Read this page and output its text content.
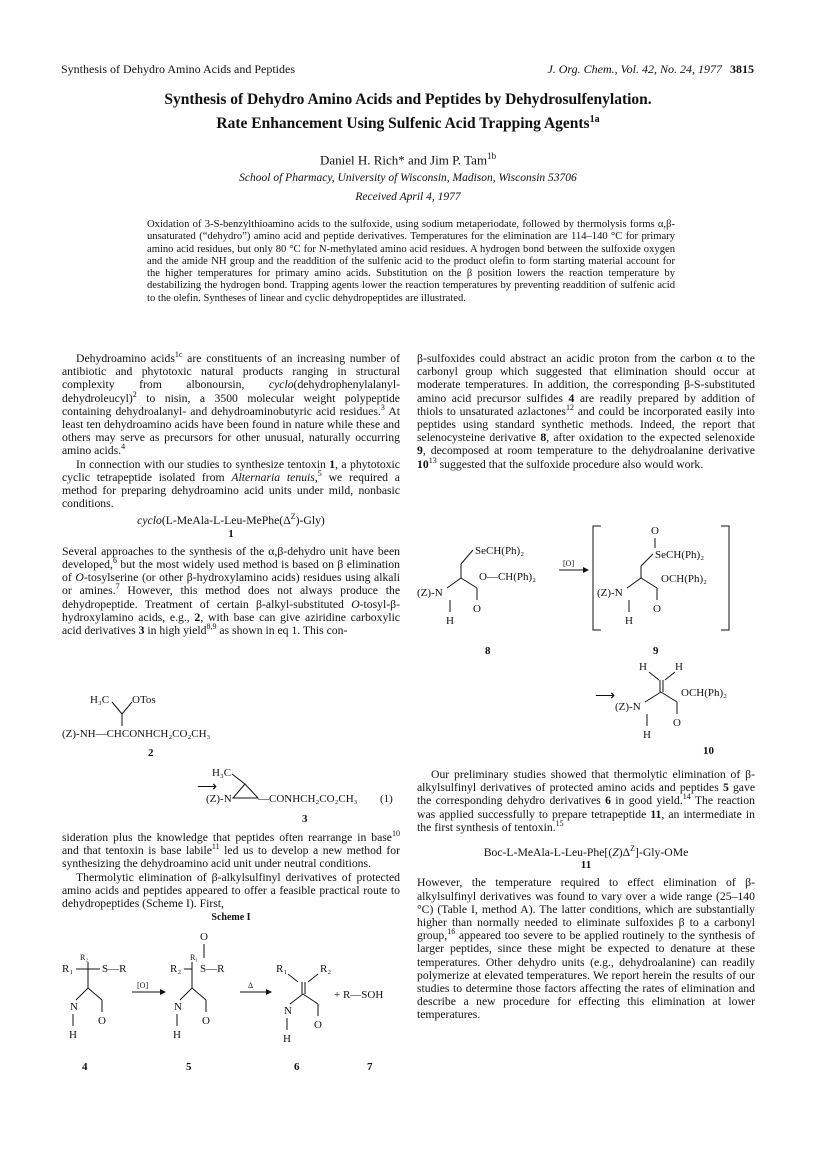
Synthesis of Dehydro Amino Acids and Peptides	J. Org. Chem., Vol. 42, No. 24, 1977 3815
Synthesis of Dehydro Amino Acids and Peptides by Dehydrosulfenylation.
Rate Enhancement Using Sulfenic Acid Trapping Agents$^{1a}$
Daniel H. Rich* and Jim P. Tam$^{1b}$
School of Pharmacy, University of Wisconsin, Madison, Wisconsin 53706
Received April 4, 1977
Oxidation of 3-S-benzylthioamino acids to the sulfoxide, using sodium metaperiodate, followed by thermolysis forms α,β-unsaturated (“dehydro”) amino acid and peptide derivatives. Temperatures for the elimination are 114–140 °C for primary amino acid residues, but only 80 °C for N-methylated amino acid residues. A hydrogen bond between the sulfoxide oxygen and the amide NH group and the readdition of the sulfenic acid to the product olefin to form starting material account for the higher temperatures for primary amino acids. Substitution on the β position lowers the reaction temperature by destabilizing the hydrogen bond. Trapping agents lower the reaction temperatures by preventing readdition of sulfenic acid to the olefin. Syntheses of linear and cyclic dehydropeptides are illustrated.

Dehydroamino acids$^{1c}$ are constituents of an increasing number of antibiotic and phytotoxic natural products ranging in structural complexity from albonoursin, cyclo(dehydrophenylalanyl-dehydroleucyl)$^2$ to nisin, a 3500 molecular weight polypeptide containing dehydroalanyl- and dehydroaminobutyric acid residues.$^3$ At least ten dehydroamino acids have been found in nature while these and others may serve as precursors for other unusual, naturally occurring amino acids.$^4$

In connection with our studies to synthesize tentoxin 1, a phytotoxic cyclic tetrapeptide isolated from Alternaria tenuis,$^5$ we required a method for preparing dehydroamino acid units under mild, nonbasic conditions.

$cyclo(L-MeAla-L-Leu-MePhe(\Delta^Z)-Gly)$
1

Several approaches to the synthesis of the α,β-dehydro unit have been developed,$^6$ but the most widely used method is based on β elimination of O-tosylserine (or other β-hydroxylamino acids) residues using alkali or amines.$^7$ However, this method does not always produce the dehydropeptide. Treatment of certain β-alkyl-substituted O-tosyl-β-hydroxylamino acids, e.g., 2, with base can give aziridine carboxylic acid derivatives 3 in high yield$^{8,9}$ as shown in eq 1. This con-

H₃C OTos
(Z)-NH—CHCONHCH₂CO₂CH₃
2
⟶
H₃C
(Z)-N —CONHCH₂CO₂CH₃ (1)
3

sideration plus the knowledge that peptides often rearrange in base$^{10}$ and that tentoxin is base labile$^{11}$ led us to develop a new method for synthesizing the dehydroamino acid unit under neutral conditions.

Thermolytic elimination of β-alkylsulfinyl derivatives of protected amino acids and peptides appeared to offer a feasible practical route to dehydropeptides (Scheme I). First,

Scheme I
R₂
R₁	S—R
N
O
H
4
[O]
O
R₁
R₂ S—R
N
O
H
5
Δ
R₁	R₂
N
O
H
6
+ R—SOH
7

β-sulfoxides could abstract an acidic proton from the carbon α to the carbonyl group which suggested that elimination should occur at moderate temperatures. In addition, the corresponding β-S-substituted amino acid precursor sulfides 4 are readily prepared by addition of thiols to unsaturated azlactones$^{12}$ and could be incorporated easily into peptides using standard synthetic methods. Indeed, the report that selenocysteine derivative 8, after oxidation to the expected selenoxide 9, decomposed at room temperature to the dehydroalanine derivative $10^{13}$ suggested that the sulfoxide procedure also would work.

SeCH(Ph)₂
O—CH(Ph)₂
(Z)-N
O
H
8
[O]
O
SeCH(Ph)₂
OCH(Ph)₂
(Z)-N
O
H
9
⟶
H	H
OCH(Ph)₂
(Z)-N
O
H
10

Our preliminary studies showed that thermolytic elimination of β-alkylsulfinyl derivatives of protected amino acids and peptides 5 gave the corresponding dehydro derivatives 6 in good yield.$^{14}$ The reaction was applied successfully to prepare tetrapeptide 11, an intermediate in the first synthesis of tentoxin.$^{15}$

Boc-$L-MeAla-L-Leu-Phe[(Z)\Delta^Z]-Gly$-OMe
11

However, the temperature required to effect elimination of β-alkylsulfinyl derivatives was found to vary over a wide range (25–140 °C) (Table I, method A). The latter conditions, which are substantially higher than normally needed to eliminate sulfoxides β to a carbonyl group,$^{16}$ appeared too severe to be applied routinely to the synthesis of larger peptides, since these might be expected to denature at these temperatures. Other dehydro units (e.g., dehydroalanine) can readily polymerize at elevated temperatures. We report herein the results of our studies to determine those factors affecting the rates of elimination and describe a new procedure for effecting this elimination at lower temperatures.
